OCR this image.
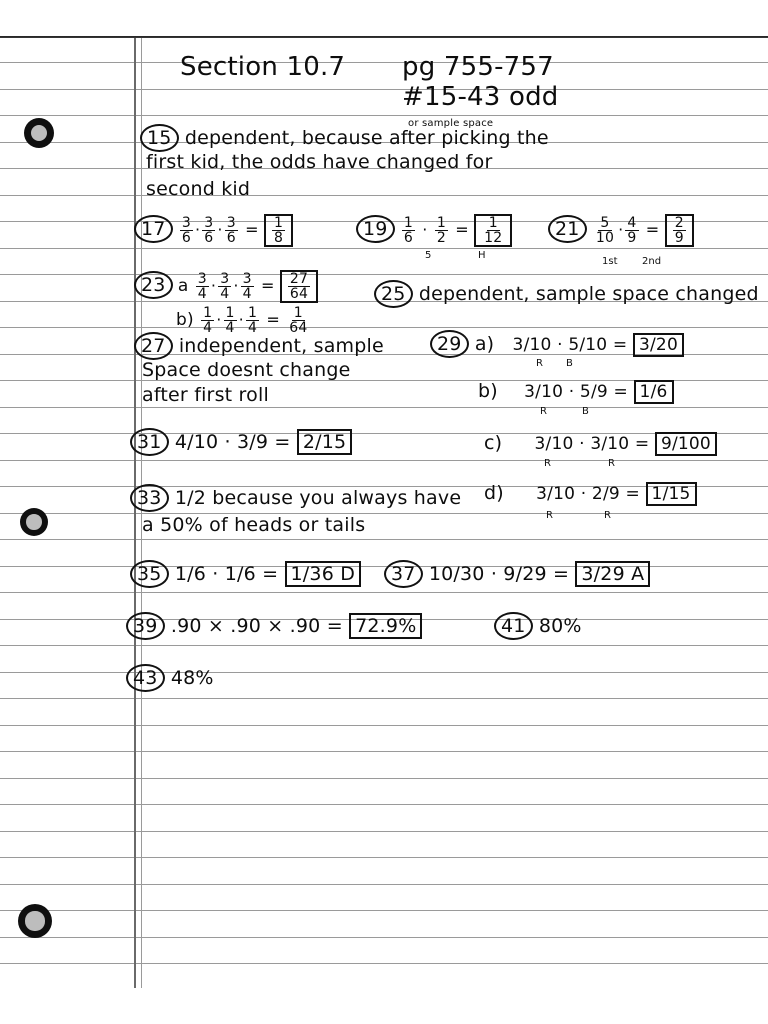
Section 10.7 pg 755-757
#15-43 odd
15 dependent, because after picking the
or sample space
first kid, the odds have changed for
second kid
$17 \frac{3}{6} \cdot \frac{3}{6} \cdot \frac{3}{6} = \frac{1}{8}$	$19 \frac{1}{6} \cdot \frac{1}{2} = \frac{1}{12}$
5	H
$21 \frac{5}{10} \cdot \frac{4}{9} = \frac{2}{9}$
1st 2nd
23 a $\frac{3}{4} \cdot \frac{3}{4} \cdot \frac{3}{4} = \frac{27}{64}$
$b) \frac{1}{4} \cdot \frac{1}{4} \cdot \frac{1}{4} = \frac{1}{64}$
25 dependent, sample space changed
27 independent, sample
Space doesnt change
after first roll
29 a) 3/10 · 5/10 = 3/20
R B
b) 3/10 · 5/9 = 1/6
R	B
c) 3/10 · 3/10 = 9/100
R	R
d) 3/10 · 2/9 = 1/15
R	R
31 4/10 · 3/9 = 2/15
33 1/2 because you always have
a 50% of heads or tails
35 1/6 · 1/6 = 1/36 D	37 10/30 · 9/29 = 3/29 A
39 .90 × .90 × .90 = 72.9%	41 80%
43 48%
